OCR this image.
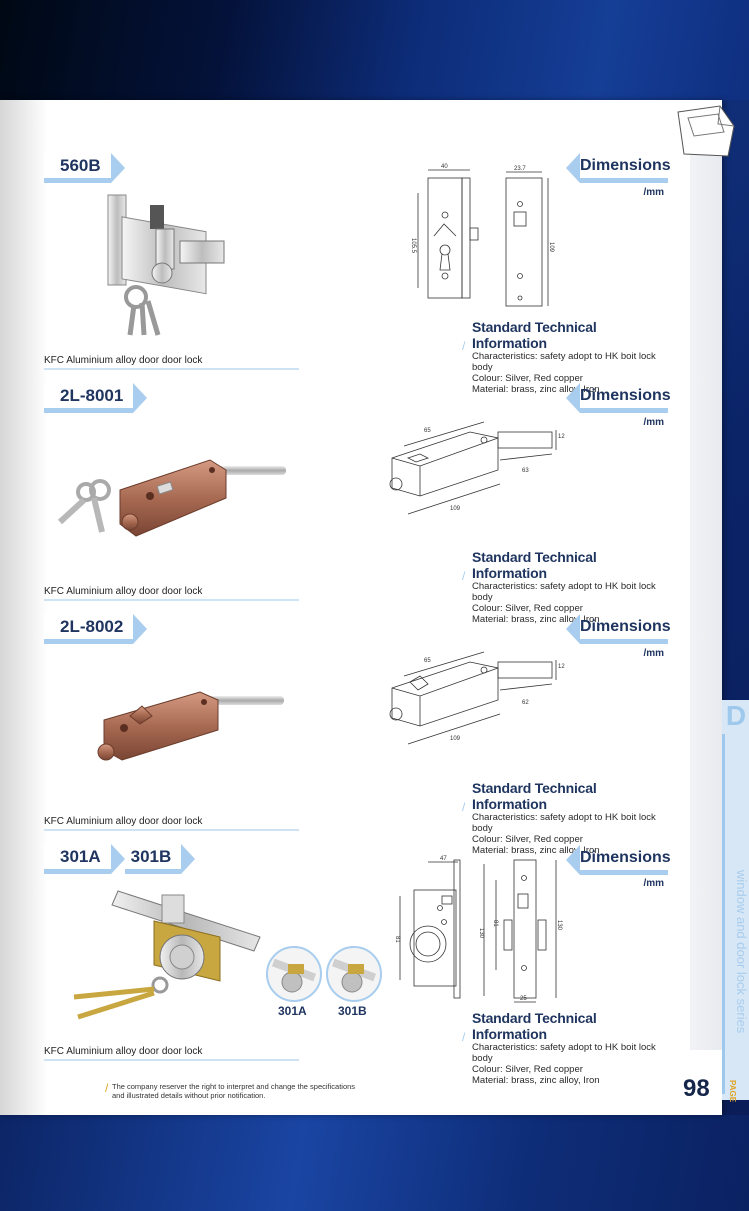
D
window and door lock series
PAGE
98
560B
KFC Aluminium alloy door door lock
40	23.7
105.5	109
Dimensions
/mm
/
Standard Technical Information
Characteristics: safety adopt to HK boit lock body
Colour: Silver, Red copper
Material: brass, zinc alloy, Iron
2L-8001
KFC Aluminium alloy door door lock
65
12
63
109
Dimensions
/mm
/
Standard Technical Information
Characteristics: safety adopt to HK boit lock body
Colour: Silver, Red copper
Material: brass, zinc alloy, Iron
2L-8002
KFC Aluminium alloy door door lock
65
12
62
109
Dimensions
/mm
/
Standard Technical Information
Characteristics: safety adopt to HK boit lock body
Colour: Silver, Red copper
Material: brass, zinc alloy, Iron
301A	301B
301A	301B
KFC Aluminium alloy door door lock
47
81
130
81	130
25
Dimensions
/mm
/
Standard Technical Information
Characteristics: safety adopt to HK boit lock body
Colour: Silver, Red copper
Material: brass, zinc alloy, Iron
/ The company reserver the right to interpret and change the specifications
and illustrated details without prior notification.
